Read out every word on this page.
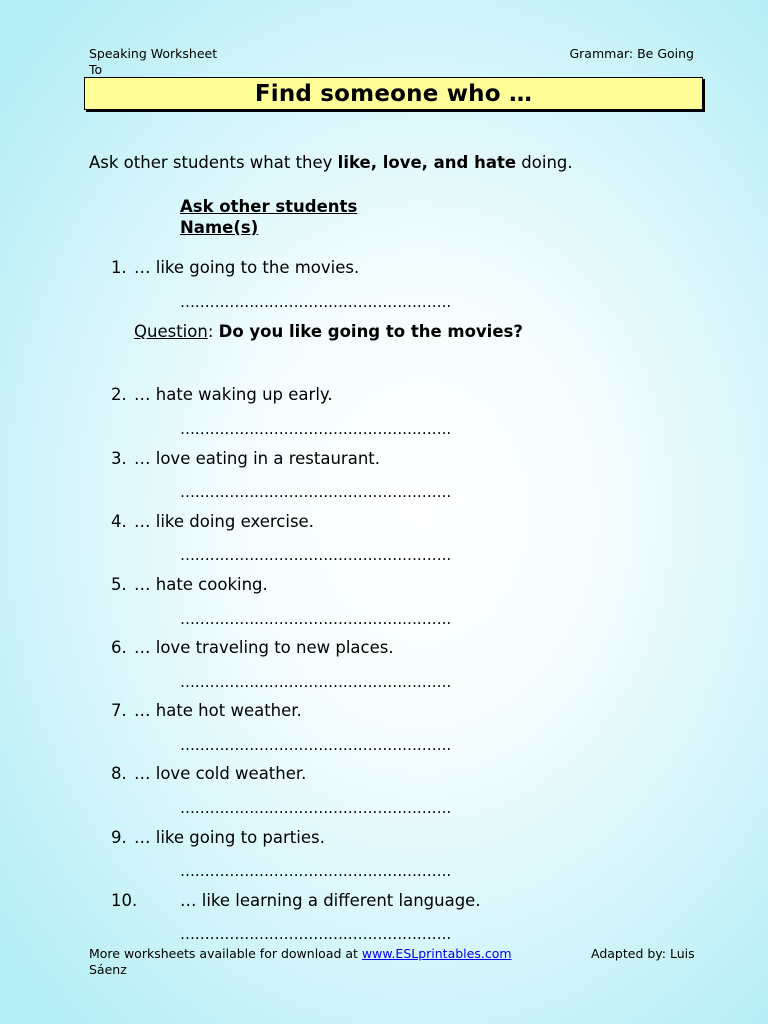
Speaking Worksheet
To
Grammar: Be Going
Find someone who …
Ask other students what they like, love, and hate doing.
Ask other students
Name(s)
1. … like going to the movies.
……………………………………………….
Question: Do you like going to the movies?
2. … hate waking up early.
……………………………………………….
3. … love eating in a restaurant.
……………………………………………….
4. … like doing exercise.
……………………………………………….
5. … hate cooking.
……………………………………………….
6. … love traveling to new places.
……………………………………………….
7. … hate hot weather.
……………………………………………….
8. … love cold weather.
……………………………………………….
9. … like going to parties.
……………………………………………….
10.	… like learning a different language.
……………………………………………….
More worksheets available for download at www.ESLprintables.com
Sáenz
Adapted by: Luis
